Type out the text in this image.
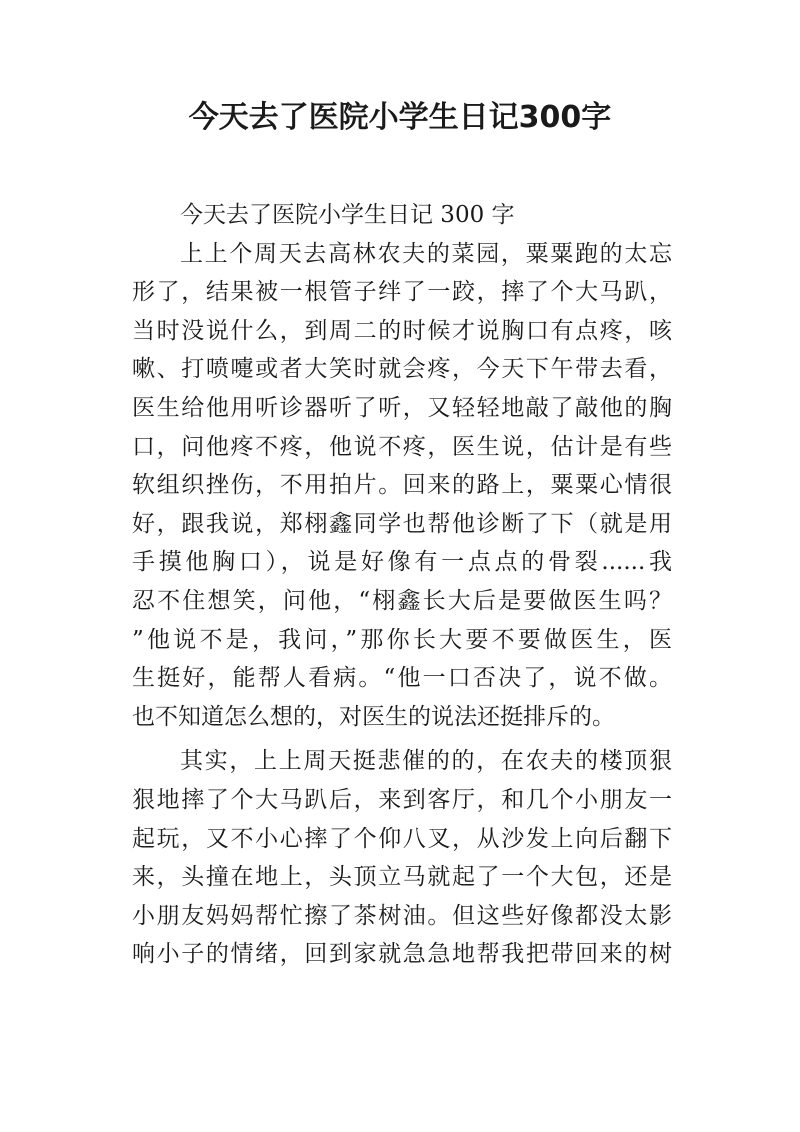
今天去了医院小学生日记300字
今天去了医院小学生日记 300 字
上上个周天去高林农夫的菜园，粟粟跑的太忘
形了，结果被一根管子绊了一跤，摔了个大马趴，
当时没说什么，到周二的时候才说胸口有点疼，咳
嗽、打喷嚏或者大笑时就会疼，今天下午带去看，
医生给他用听诊器听了听，又轻轻地敲了敲他的胸
口，问他疼不疼，他说不疼，医生说，估计是有些
软组织挫伤，不用拍片。回来的路上，粟粟心情很
好，跟我说，郑栩鑫同学也帮他诊断了下（就是用
手摸他胸口），说是好像有一点点的骨裂......我
忍不住想笑，问他，“栩鑫长大后是要做医生吗？
”他说不是，我问，”那你长大要不要做医生，医
生挺好，能帮人看病。“他一口否决了，说不做。
也不知道怎么想的，对医生的说法还挺排斥的。
其实，上上周天挺悲催的的，在农夫的楼顶狠
狠地摔了个大马趴后，来到客厅，和几个小朋友一
起玩，又不小心摔了个仰八叉，从沙发上向后翻下
来，头撞在地上，头顶立马就起了一个大包，还是
小朋友妈妈帮忙擦了茶树油。但这些好像都没太影
响小子的情绪，回到家就急急地帮我把带回来的树
